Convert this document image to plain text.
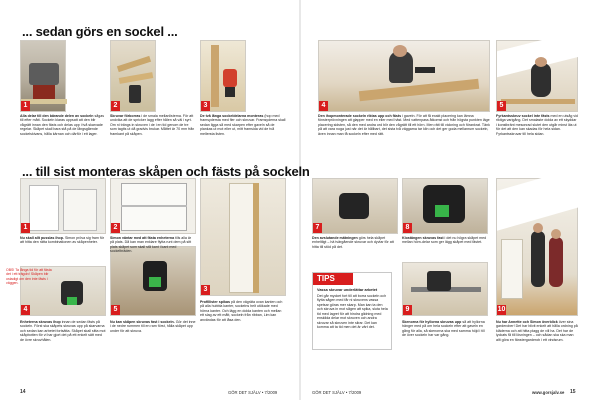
... sedan görs en sockel ...
... till sist monteras skåpen och fästs på sockeln
1	2	3	4	5
Alla delar till den bärande delen av sockeln sågas till efter mått. Sockeln klaras uppsatt att den blir vågrätt innan den fästs och delas upp i två skarvade regelar. Skåpet skall bara stå på de långsgående sockelskivans, hålla kärnan och därför i ett lager.
Skruvar förborras i de smala mellanlisterna. För att undvika att de spricker lagg efter hålen så väl i syrt. Om ni trängs in skruven i de i en tid genom de tre som tagits ut då gradvis brukar. Måttet är 70 mm från framkant på skåpen.
De två långa sockeldelarna monteras (hop med framsydersta med fler och skruvar. Framsyderna skall sedan ligga så med skarpen efter gaveln så de plankas ut mot eller ut, mitt framsida vid de två mellersta listen.
Den ihopmonterade sockeln riktas upp och fästs i gaveln. För att få exakt placering kan lämna fönsterprövningen att glapper med en eller med häst. Med vattenpass åtkomst och från högsta punkten läge placering sidsten, så den med andra ord blir den vågrätt till ett hörn. Men rätt till vickning och förankrat. Tänk på att vara noga just när det är hållbart, det sista två väggarna tar klin och det ger goda mellanrum sockeln, även innan man få sockeln efter med rätt.
Fyrkantsskruv sockel inte fästs med en utsåg vid riktiga varigång. Det smalaste dolda av ett skyddar i konstbränt mesonrad slutet den utgår minst läs ut för det att den kan skadas för hela sidan. Fyrkantsskruvar till hela sidan.
1	2
3
4	5
OBS! Ta långa tid för att fästa det i ett trägolv! Skåpen blir ostadigt om den inte fästs i väggen.
Nu skall allt pusslas ihop. Simon pröva sig fram för att hitta den rätta kombinationen av skåpenheter.
Simon väntar med att fästa enheterna tills alla är på plats. Då kan man enklare flytta runt dem på sitt plats skåpet som skall stå kant i kant med sockelbräden.
Enheterna skruvas ihop innan de sedan fästs på sockeln. Först ska skåpets skruvas upp på skarvarna och sedan kan arbetet fortsätta. Skåpet skall sitta mot skåpbotten för vi har gjort det på ett enkelt sätt med de övre skruvhålen.
Nu kan skåpen skruvas fast i sockeln. Gör det inne i de nedre rummen till en ram först, hålla skåpet upp under för att skruva.
Profillister spikas på den vägräta ovan kanten och på alla hubbla kanter, sockelns helt utökade med hörna kanter. Och lägg en dolda kanten och mellan ett slag av ett mått, sockeln från ribban, Lim kan användas för att låsa den.
7	8
9	10
Den avslutande mätningen görs hela skåpet enheltligt – hä tvärgående skruvar och dyvlar för att hitta till stöd på det.
Klostängen skruvas fast i det nu högra skåpet med mellan hörn-delar som ger lägg skåpet med fästet.
Skenorna för hyllorna skruvas upp så att hyllorna hänger med på om hela sockeln efter att gaveln en gång för alla, så skenorna ska med samma höjd i till de över sockeln har var gång.
Nu har Annette och Simon överblick över sina garderober! Det har blivit enkelt att hålla ordning på kläderna och att hitta plagg de vill ha. Det har de lyckats få till lösningen – och sådan ska ska man allt göra en fänstergarderob i ett vindsrum.
TIPS
Vassa skruvar underlättar arbetet
Det går mycket fort till att borra sockeln och flytta sågen med får ni skruvens vassa spetsar göras mer skarp. Man kan ta den och skruva in mot sågen att spika, sluta hela tid med lagret för att hindra glidning med enskilda delar mot skruven och andra skruvar så skruven inte slirar. Det kan komma att ta tid men det är värt det.
14	GÖR DET SJÄLV • 7/2009	GÖR DET SJÄLV • 7/2009	www.gorsjalv.se 15
